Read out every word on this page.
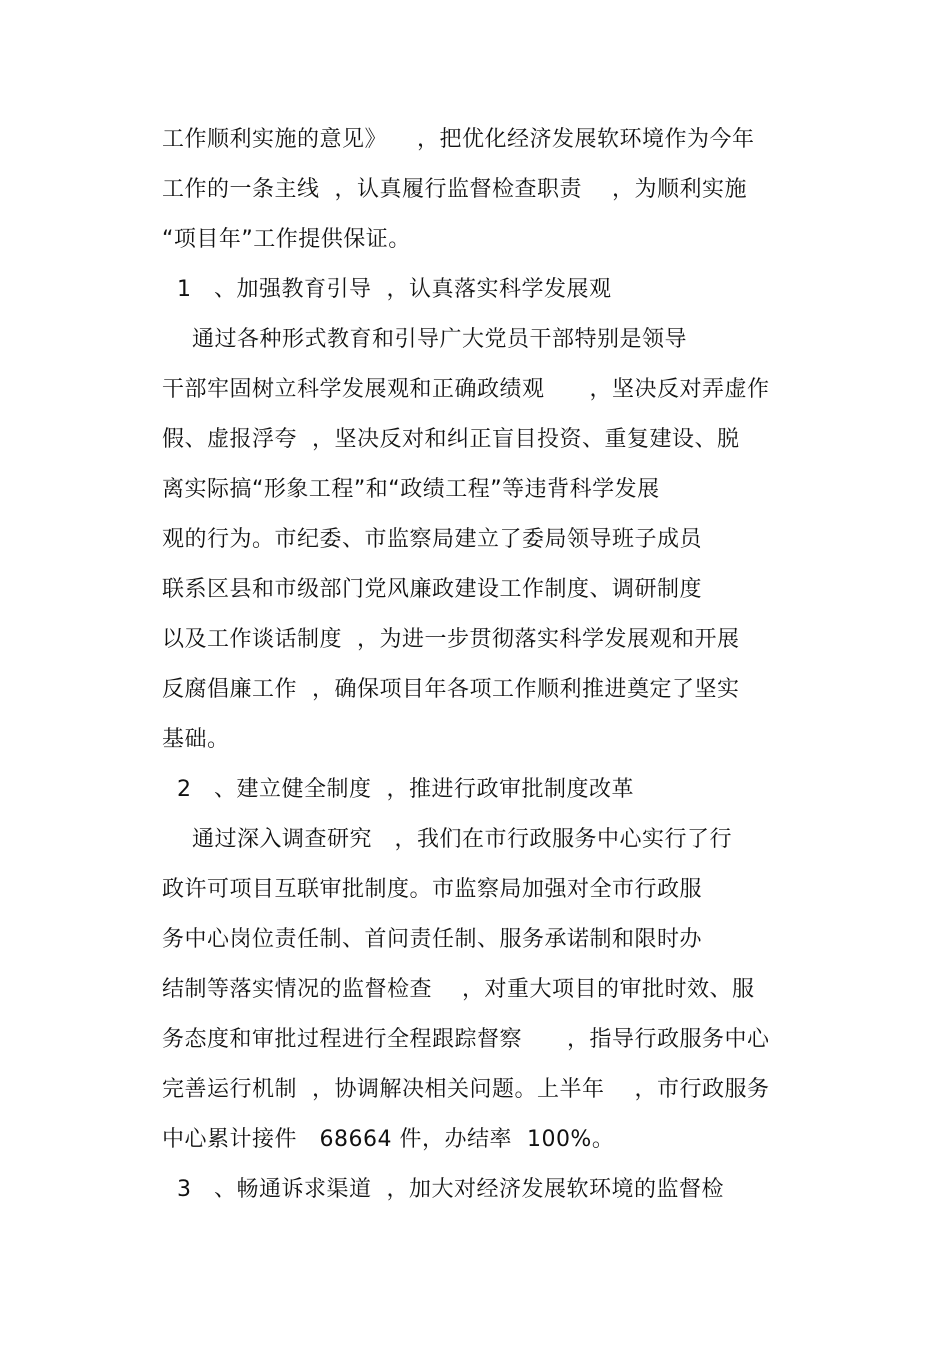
工作顺利实施的意见》    ，把优化经济发展软环境作为今年
工作的一条主线  ，认真履行监督检查职责    ，为顺利实施
“项目年”工作提供保证。
1   、加强教育引导  ，认真落实科学发展观
通过各种形式教育和引导广大党员干部特别是领导
干部牢固树立科学发展观和正确政绩观      ，坚决反对弄虚作
假、虚报浮夸  ，坚决反对和纠正盲目投资、重复建设、脱
离实际搞“形象工程”和“政绩工程”等违背科学发展
观的行为。市纪委、市监察局建立了委局领导班子成员
联系区县和市级部门党风廉政建设工作制度、调研制度
以及工作谈话制度  ，为进一步贯彻落实科学发展观和开展
反腐倡廉工作  ，确保项目年各项工作顺利推进奠定了坚实
基础。
2   、建立健全制度  ，推进行政审批制度改革
通过深入调查研究   ，我们在市行政服务中心实行了行
政许可项目互联审批制度。市监察局加强对全市行政服
务中心岗位责任制、首问责任制、服务承诺制和限时办
结制等落实情况的监督检查    ，对重大项目的审批时效、服
务态度和审批过程进行全程跟踪督察      ，指导行政服务中心
完善运行机制  ，协调解决相关问题。上半年    ，市行政服务
中心累计接件   68664 件，办结率  100%。
3   、畅通诉求渠道  ，加大对经济发展软环境的监督检
